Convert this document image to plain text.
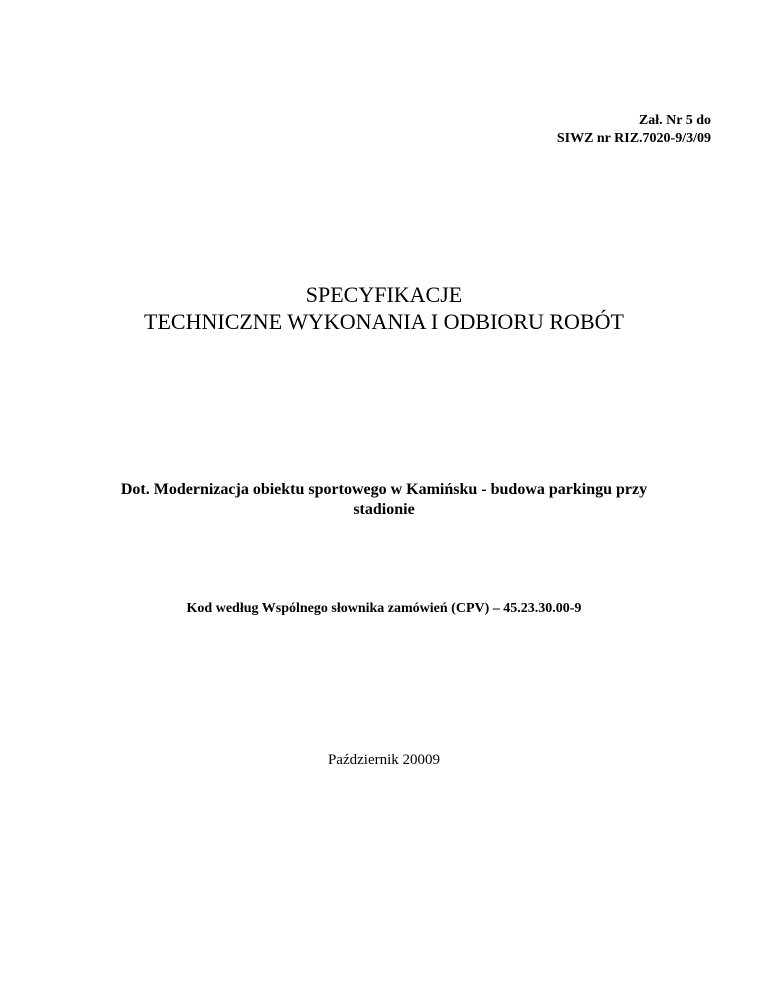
Zał. Nr 5 do
SIWZ nr RIZ.7020-9/3/09
SPECYFIKACJE
TECHNICZNE WYKONANIA I ODBIORU ROBÓT
Dot. Modernizacja obiektu sportowego w Kamińsku - budowa parkingu przy
stadionie
Kod według Wspólnego słownika zamówień (CPV) – 45.23.30.00-9
Październik 20009
